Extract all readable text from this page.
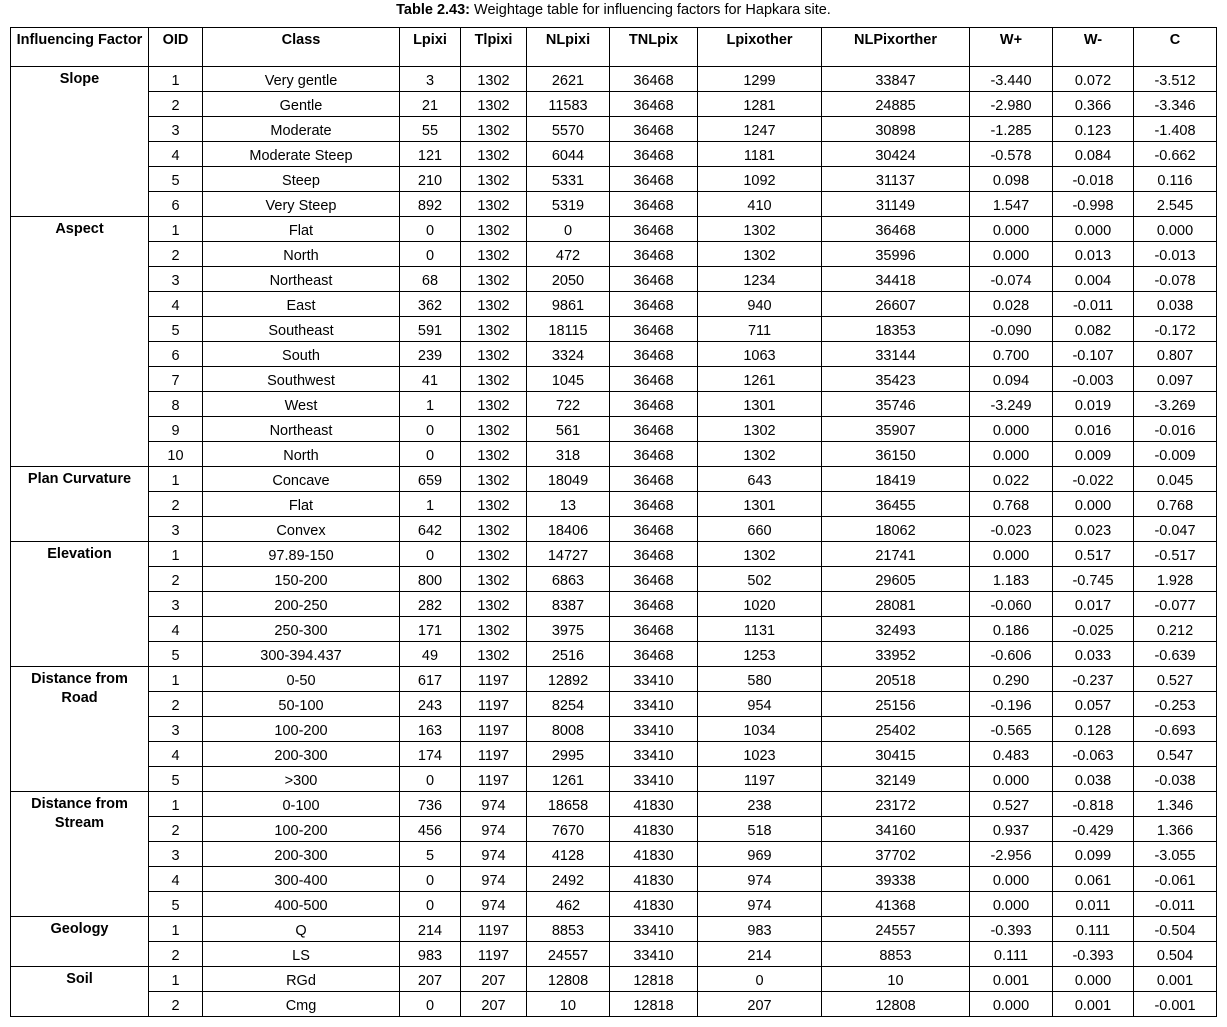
Table 2.43: Weightage table for influencing factors for Hapkara site.
Influencing Factor	OID	Class	Lpixi	Tlpixi	NLpixi	TNLpix	Lpixother	NLPixorther	W+	W-	C
Slope	1	Very gentle	3	1302	2621	36468	1299	33847	-3.440	0.072	-3.512
	2	Gentle	21	1302	11583	36468	1281	24885	-2.980	0.366	-3.346
	3	Moderate	55	1302	5570	36468	1247	30898	-1.285	0.123	-1.408
	4	Moderate Steep	121	1302	6044	36468	1181	30424	-0.578	0.084	-0.662
	5	Steep	210	1302	5331	36468	1092	31137	0.098	-0.018	0.116
	6	Very Steep	892	1302	5319	36468	410	31149	1.547	-0.998	2.545
Aspect	1	Flat	0	1302	0	36468	1302	36468	0.000	0.000	0.000
	2	North	0	1302	472	36468	1302	35996	0.000	0.013	-0.013
	3	Northeast	68	1302	2050	36468	1234	34418	-0.074	0.004	-0.078
	4	East	362	1302	9861	36468	940	26607	0.028	-0.011	0.038
	5	Southeast	591	1302	18115	36468	711	18353	-0.090	0.082	-0.172
	6	South	239	1302	3324	36468	1063	33144	0.700	-0.107	0.807
	7	Southwest	41	1302	1045	36468	1261	35423	0.094	-0.003	0.097
	8	West	1	1302	722	36468	1301	35746	-3.249	0.019	-3.269
	9	Northeast	0	1302	561	36468	1302	35907	0.000	0.016	-0.016
	10	North	0	1302	318	36468	1302	36150	0.000	0.009	-0.009
Plan Curvature	1	Concave	659	1302	18049	36468	643	18419	0.022	-0.022	0.045
	2	Flat	1	1302	13	36468	1301	36455	0.768	0.000	0.768
	3	Convex	642	1302	18406	36468	660	18062	-0.023	0.023	-0.047
Elevation	1	97.89-150	0	1302	14727	36468	1302	21741	0.000	0.517	-0.517
	2	150-200	800	1302	6863	36468	502	29605	1.183	-0.745	1.928
	3	200-250	282	1302	8387	36468	1020	28081	-0.060	0.017	-0.077
	4	250-300	171	1302	3975	36468	1131	32493	0.186	-0.025	0.212
	5	300-394.437	49	1302	2516	36468	1253	33952	-0.606	0.033	-0.639
Distance from Road	1	0-50	617	1197	12892	33410	580	20518	0.290	-0.237	0.527
	2	50-100	243	1197	8254	33410	954	25156	-0.196	0.057	-0.253
	3	100-200	163	1197	8008	33410	1034	25402	-0.565	0.128	-0.693
	4	200-300	174	1197	2995	33410	1023	30415	0.483	-0.063	0.547
	5	>300	0	1197	1261	33410	1197	32149	0.000	0.038	-0.038
Distance from Stream	1	0-100	736	974	18658	41830	238	23172	0.527	-0.818	1.346
	2	100-200	456	974	7670	41830	518	34160	0.937	-0.429	1.366
	3	200-300	5	974	4128	41830	969	37702	-2.956	0.099	-3.055
	4	300-400	0	974	2492	41830	974	39338	0.000	0.061	-0.061
	5	400-500	0	974	462	41830	974	41368	0.000	0.011	-0.011
Geology	1	Q	214	1197	8853	33410	983	24557	-0.393	0.111	-0.504
	2	LS	983	1197	24557	33410	214	8853	0.111	-0.393	0.504
Soil	1	RGd	207	207	12808	12818	0	10	0.001	0.000	0.001
	2	Cmg	0	207	10	12818	207	12808	0.000	0.001	-0.001
